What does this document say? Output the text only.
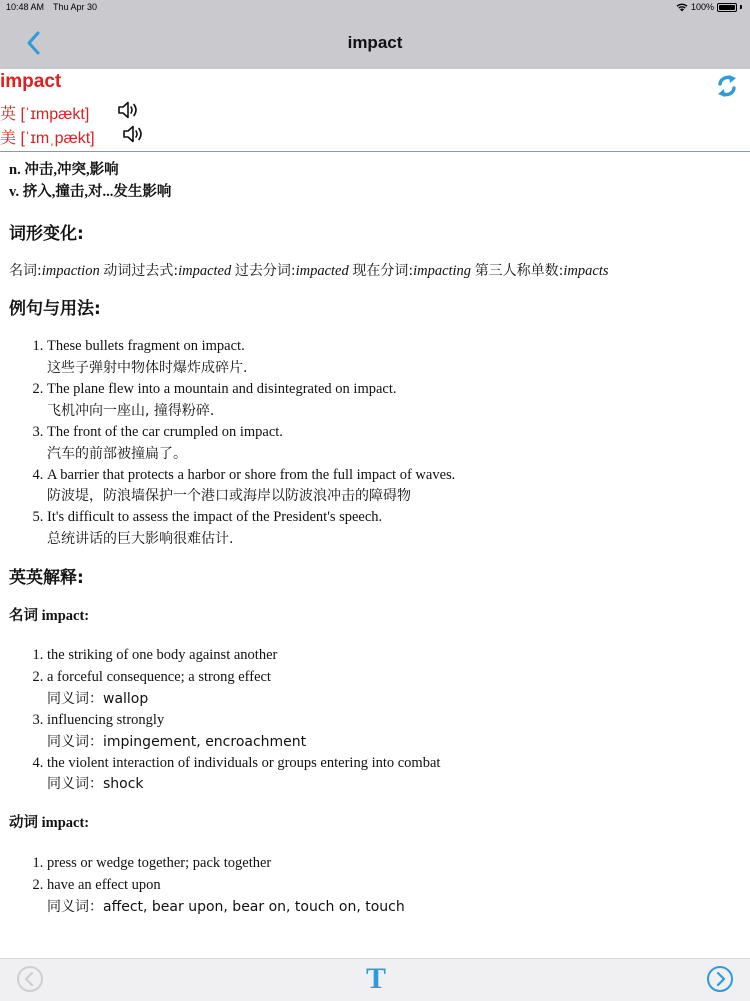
10:48 AM Thu Apr 30	100%
impact
impact
英 [ˈɪmpækt]
美 [ˈɪmˌpækt]
n. 冲击,冲突,影响
v. 挤入,撞击,对...发生影响
词形变化:
名词:impaction 动词过去式:impacted 过去分词:impacted 现在分词:impacting 第三人称单数:impacts
例句与用法:
1. These bullets fragment on impact.
这些子弹射中物体时爆炸成碎片.
2. The plane flew into a mountain and disintegrated on impact.
飞机冲向一座山, 撞得粉碎.
3. The front of the car crumpled on impact.
汽车的前部被撞扁了。
4. A barrier that protects a harbor or shore from the full impact of waves.
防波堤，防浪墙保护一个港口或海岸以防波浪冲击的障碍物
5. It's difficult to assess the impact of the President's speech.
总统讲话的巨大影响很难估计.
英英解释:
名词 impact:
1. the striking of one body against another
2. a forceful consequence; a strong effect
同义词：wallop
3. influencing strongly
同义词：impingement, encroachment
4. the violent interaction of individuals or groups entering into combat
同义词：shock
动词 impact:
1. press or wedge together; pack together
2. have an effect upon
同义词：affect, bear upon, bear on, touch on, touch
T
